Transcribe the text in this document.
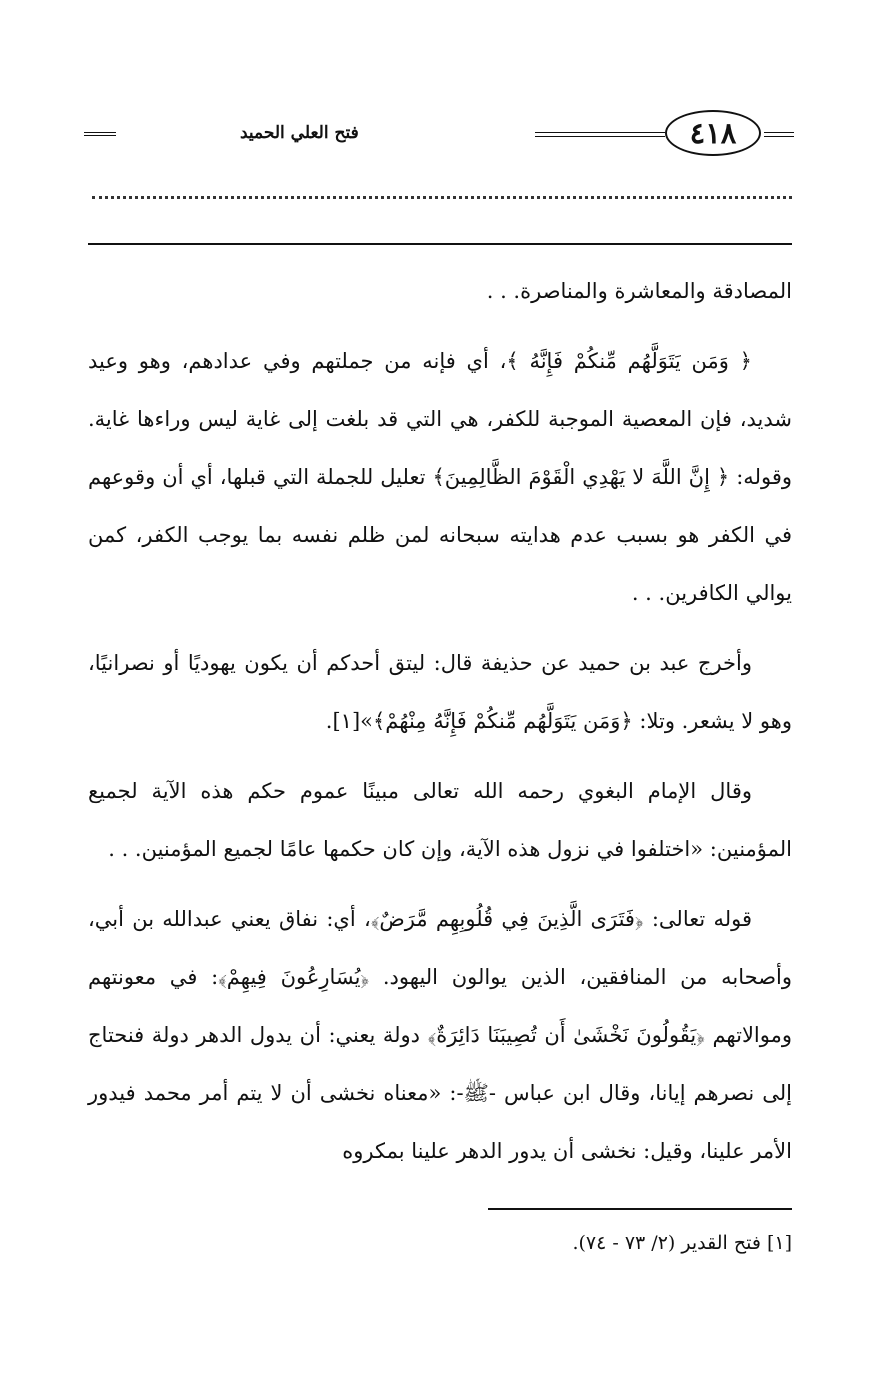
فتح العلي الحميد	٤١٨

المصادقة والمعاشرة والمناصرة. . .

﴿ وَمَن يَتَوَلَّهُم مِّنكُمْ فَإِنَّهُ ﴾، أي فإنه من جملتهم وفي عدادهم، وهو وعيد شديد، فإن المعصية الموجبة للكفر، هي التي قد بلغت إلى غاية ليس وراءها غاية. وقوله: ﴿ إِنَّ اللَّهَ لا يَهْدِي الْقَوْمَ الظَّالِمِينَ﴾ تعليل للجملة التي قبلها، أي أن وقوعهم في الكفر هو بسبب عدم هدايته سبحانه لمن ظلم نفسه بما يوجب الكفر، كمن يوالي الكافرين. . .

وأخرج عبد بن حميد عن حذيفة قال: ليتق أحدكم أن يكون يهوديًا أو نصرانيًا، وهو لا يشعر. وتلا: ﴿وَمَن يَتَوَلَّهُم مِّنكُمْ فَإِنَّهُ مِنْهُمْ﴾»[١].

وقال الإمام البغوي رحمه الله تعالى مبينًا عموم حكم هذه الآية لجميع المؤمنين: «اختلفوا في نزول هذه الآية، وإن كان حكمها عامًا لجميع المؤمنين. . .

قوله تعالى: ﴿فَتَرَى الَّذِينَ فِي قُلُوبِهِم مَّرَضٌ﴾، أي: نفاق يعني عبدالله بن أبي، وأصحابه من المنافقين، الذين يوالون اليهود. ﴿يُسَارِعُونَ فِيهِمْ﴾: في معونتهم وموالاتهم ﴿يَقُولُونَ نَخْشَىٰ أَن تُصِيبَنَا دَائِرَةٌ﴾ دولة يعني: أن يدول الدهر دولة فنحتاج إلى نصرهم إيانا، وقال ابن عباس -ﷺ-: «معناه نخشى أن لا يتم أمر محمد فيدور الأمر علينا، وقيل: نخشى أن يدور الدهر علينا بمكروه

[١] فتح القدير (٢/ ٧٣ - ٧٤).
